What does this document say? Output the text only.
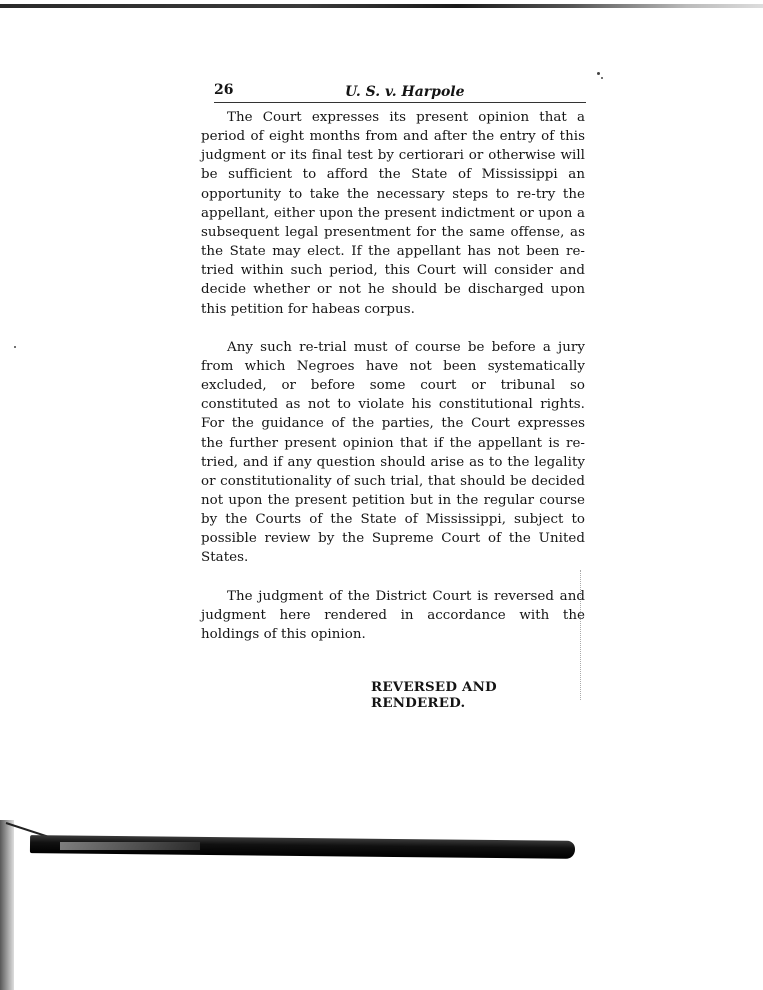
26	U. S. v. Harpole

The Court expresses its present opinion that a period of eight months from and after the entry of this judgment or its final test by certiorari or otherwise will be sufficient to afford the State of Mississippi an opportunity to take the necessary steps to re-try the appellant, either upon the present indictment or upon a subsequent legal presentment for the same offense, as the State may elect. If the appellant has not been re-tried within such period, this Court will consider and decide whether or not he should be discharged upon this petition for habeas corpus.

Any such re-trial must of course be before a jury from which Negroes have not been systematically excluded, or before some court or tribunal so constituted as not to violate his constitutional rights. For the guidance of the parties, the Court expresses the further present opinion that if the appellant is re-tried, and if any question should arise as to the legality or constitutionality of such trial, that should be decided not upon the present petition but in the regular course by the Courts of the State of Mississippi, subject to possible review by the Supreme Court of the United States.

The judgment of the District Court is reversed and judgment here rendered in accordance with the holdings of this opinion.

REVERSED AND RENDERED.
